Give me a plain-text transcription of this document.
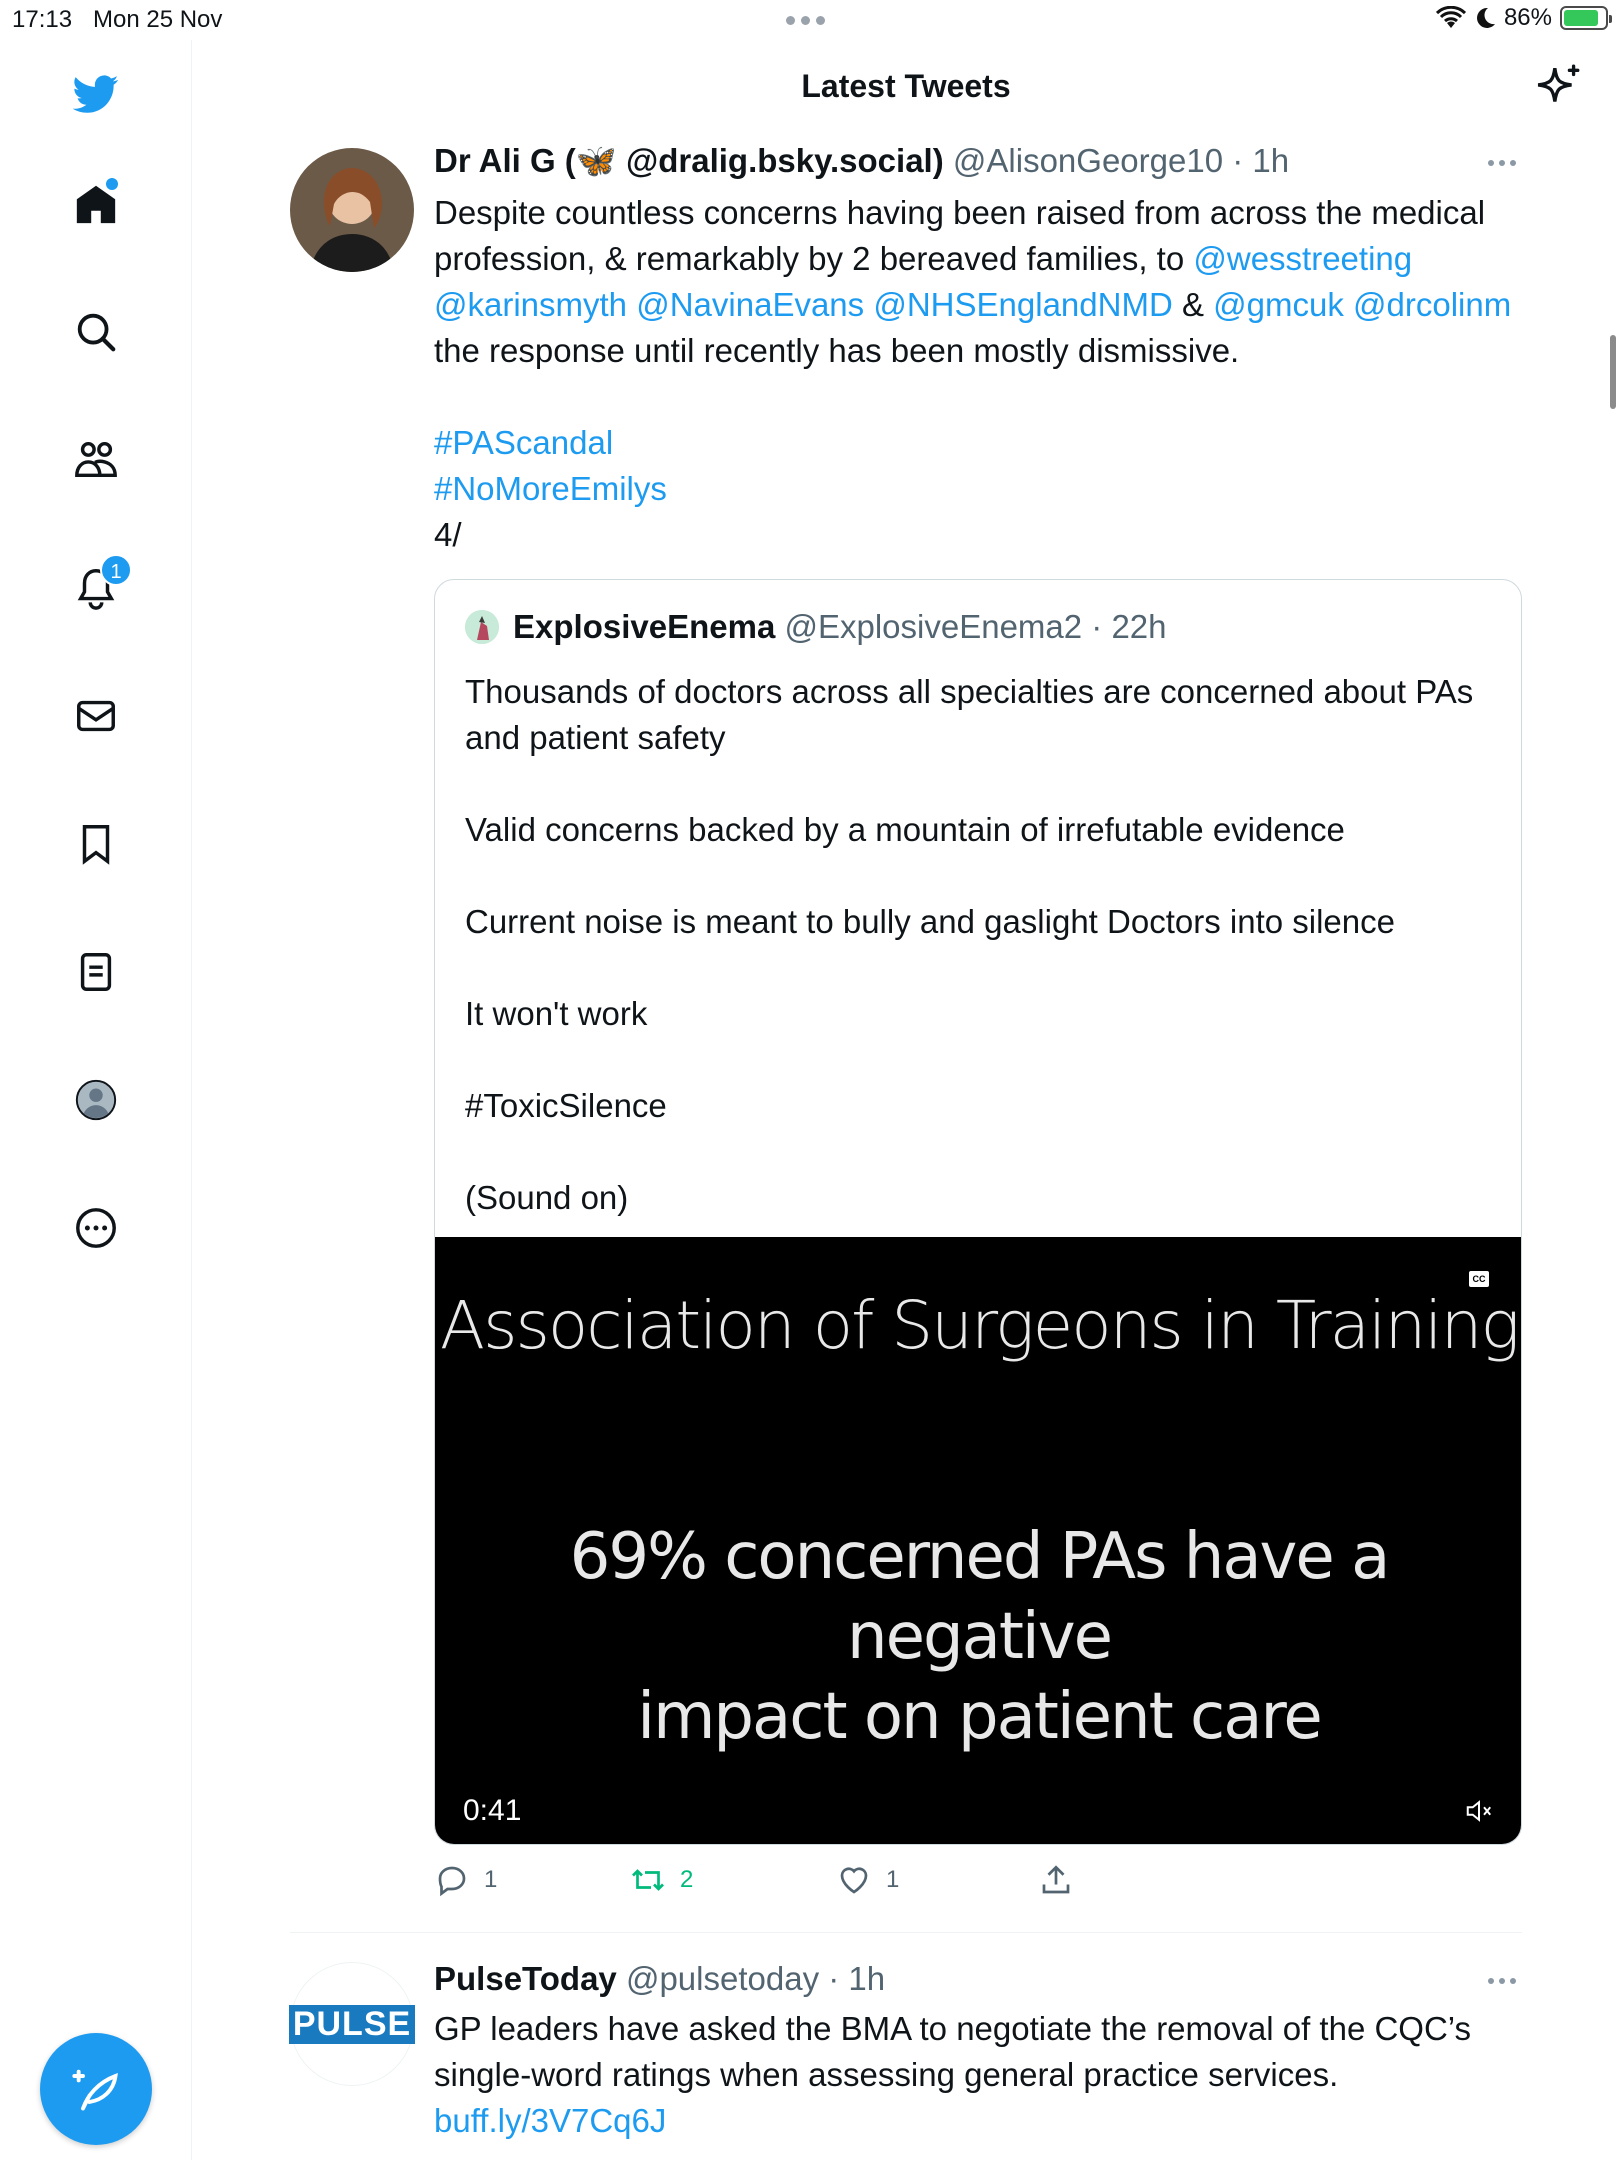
17:13 Mon 25 Nov	86%
1
Latest Tweets
Dr Ali G (🦋 @dralig.bsky.social) @AlisonGeorge10 · 1h
Despite countless concerns having been raised from across the medical profession, & remarkably by 2 bereaved families, to @wesstreeting @karinsmyth @NavinaEvans @NHSEnglandNMD & @gmcuk @drcolinm the response until recently has been mostly dismissive.
#PAScandal
#NoMoreEmilys
4/
ExplosiveEnema
@ExplosiveEnema2
· 22h
Thousands of doctors across all specialties are concerned about PAs and patient safety
Valid concerns backed by a mountain of irrefutable evidence
Current noise is meant to bully and gaslight Doctors into silence
It won't work
#ToxicSilence
(Sound on)
Association of Surgeons in Training
69% concerned PAs have a negative
impact on patient care
CC
0:41
1	2	1
PULSE
PulseToday @pulsetoday · 1h
GP leaders have asked the BMA to negotiate the removal of the CQC’s single-word ratings when assessing general practice services. buff.ly/3V7Cq6J
